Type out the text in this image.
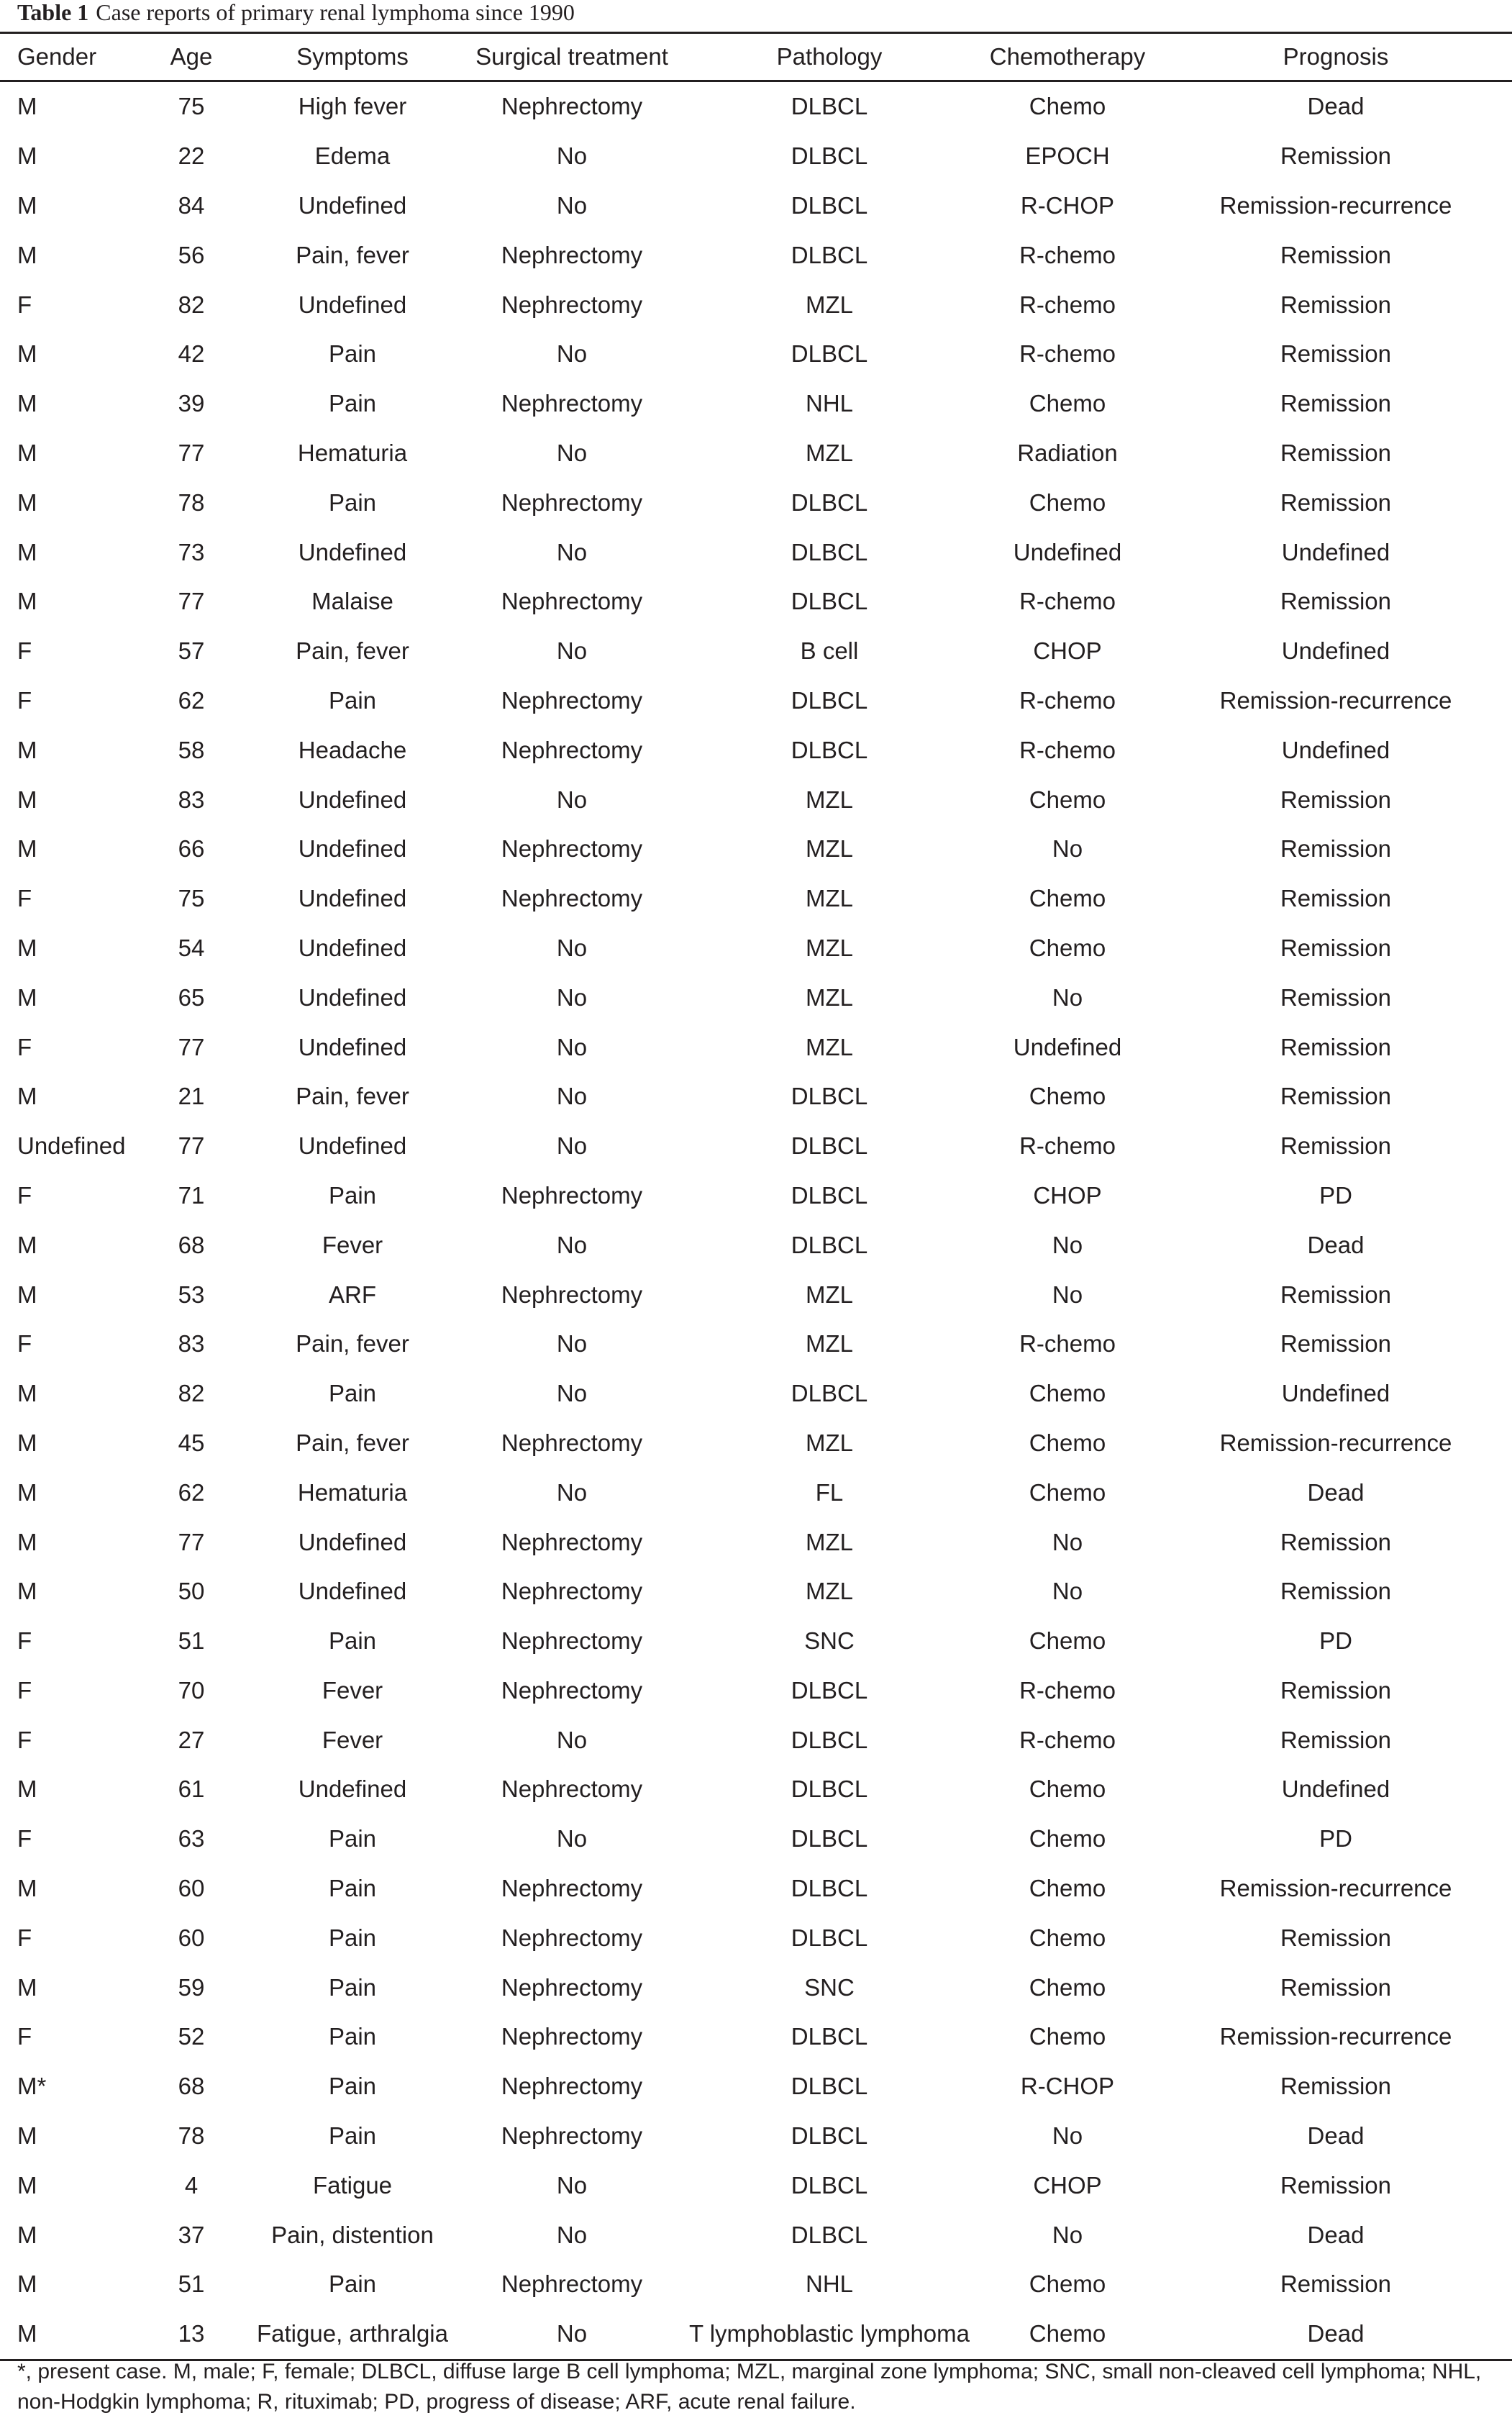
Table 1 Case reports of primary renal lymphoma since 1990
Gender	Age	Symptoms	Surgical treatment	Pathology	Chemotherapy	Prognosis
M	75	High fever	Nephrectomy	DLBCL	Chemo	Dead
M	22	Edema	No	DLBCL	EPOCH	Remission
M	84	Undefined	No	DLBCL	R-CHOP	Remission-recurrence
M	56	Pain, fever	Nephrectomy	DLBCL	R-chemo	Remission
F	82	Undefined	Nephrectomy	MZL	R-chemo	Remission
M	42	Pain	No	DLBCL	R-chemo	Remission
M	39	Pain	Nephrectomy	NHL	Chemo	Remission
M	77	Hematuria	No	MZL	Radiation	Remission
M	78	Pain	Nephrectomy	DLBCL	Chemo	Remission
M	73	Undefined	No	DLBCL	Undefined	Undefined
M	77	Malaise	Nephrectomy	DLBCL	R-chemo	Remission
F	57	Pain, fever	No	B cell	CHOP	Undefined
F	62	Pain	Nephrectomy	DLBCL	R-chemo	Remission-recurrence
M	58	Headache	Nephrectomy	DLBCL	R-chemo	Undefined
M	83	Undefined	No	MZL	Chemo	Remission
M	66	Undefined	Nephrectomy	MZL	No	Remission
F	75	Undefined	Nephrectomy	MZL	Chemo	Remission
M	54	Undefined	No	MZL	Chemo	Remission
M	65	Undefined	No	MZL	No	Remission
F	77	Undefined	No	MZL	Undefined	Remission
M	21	Pain, fever	No	DLBCL	Chemo	Remission
Undefined	77	Undefined	No	DLBCL	R-chemo	Remission
F	71	Pain	Nephrectomy	DLBCL	CHOP	PD
M	68	Fever	No	DLBCL	No	Dead
M	53	ARF	Nephrectomy	MZL	No	Remission
F	83	Pain, fever	No	MZL	R-chemo	Remission
M	82	Pain	No	DLBCL	Chemo	Undefined
M	45	Pain, fever	Nephrectomy	MZL	Chemo	Remission-recurrence
M	62	Hematuria	No	FL	Chemo	Dead
M	77	Undefined	Nephrectomy	MZL	No	Remission
M	50	Undefined	Nephrectomy	MZL	No	Remission
F	51	Pain	Nephrectomy	SNC	Chemo	PD
F	70	Fever	Nephrectomy	DLBCL	R-chemo	Remission
F	27	Fever	No	DLBCL	R-chemo	Remission
M	61	Undefined	Nephrectomy	DLBCL	Chemo	Undefined
F	63	Pain	No	DLBCL	Chemo	PD
M	60	Pain	Nephrectomy	DLBCL	Chemo	Remission-recurrence
F	60	Pain	Nephrectomy	DLBCL	Chemo	Remission
M	59	Pain	Nephrectomy	SNC	Chemo	Remission
F	52	Pain	Nephrectomy	DLBCL	Chemo	Remission-recurrence
M*	68	Pain	Nephrectomy	DLBCL	R-CHOP	Remission
M	78	Pain	Nephrectomy	DLBCL	No	Dead
M	4	Fatigue	No	DLBCL	CHOP	Remission
M	37	Pain, distention	No	DLBCL	No	Dead
M	51	Pain	Nephrectomy	NHL	Chemo	Remission
M	13	Fatigue, arthralgia	No	T lymphoblastic lymphoma	Chemo	Dead
*, present case. M, male; F, female; DLBCL, diffuse large B cell lymphoma; MZL, marginal zone lymphoma; SNC, small non-cleaved cell lymphoma; NHL, non-Hodgkin lymphoma; R, rituximab; PD, progress of disease; ARF, acute renal failure.
